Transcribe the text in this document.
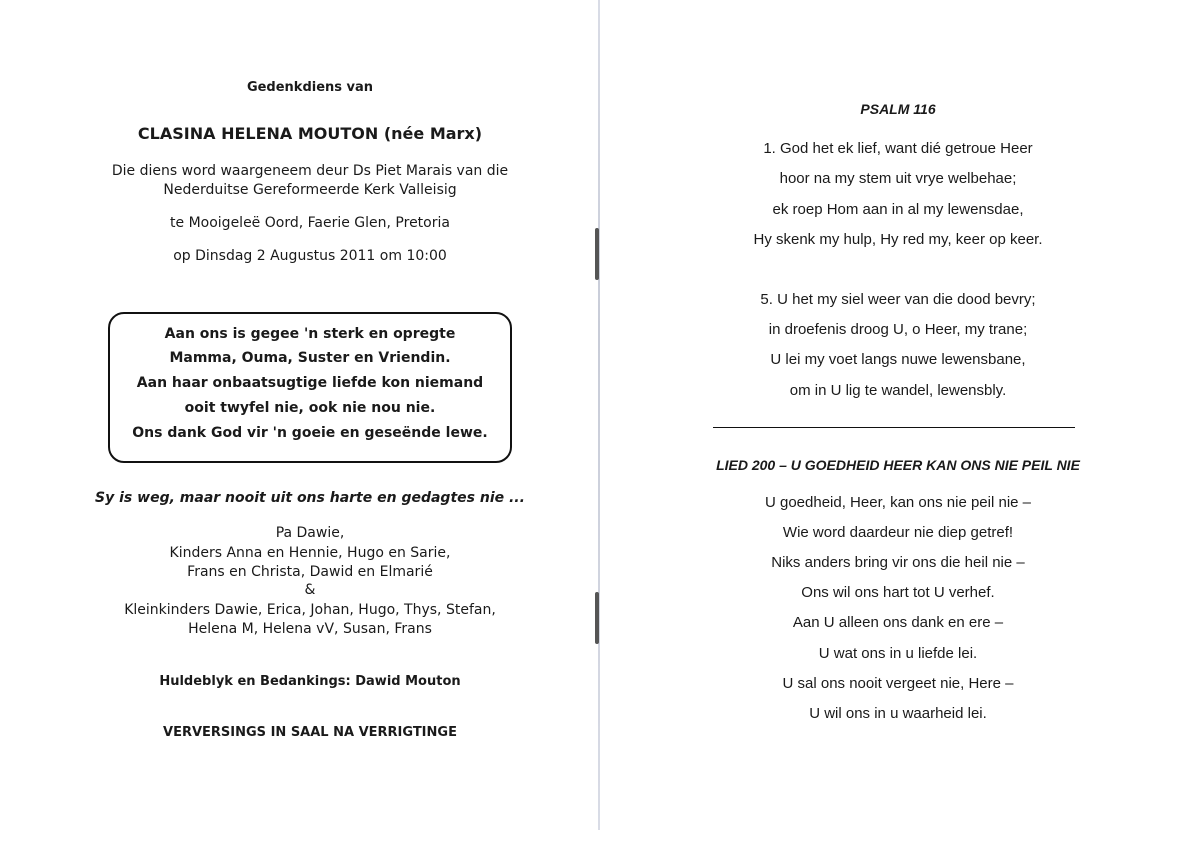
Gedenkdiens van
CLASINA HELENA MOUTON (née Marx)
Die diens word waargeneem deur Ds Piet Marais van die
Nederduitse Gereformeerde Kerk Valleisig
te Mooigeleë Oord, Faerie Glen, Pretoria
op Dinsdag 2 Augustus 2011 om 10:00
Aan ons is gegee 'n sterk en opregte
Mamma, Ouma, Suster en Vriendin.
Aan haar onbaatsugtige liefde kon niemand
ooit twyfel nie, ook nie nou nie.
Ons dank God vir 'n goeie en geseënde lewe.
Sy is weg, maar nooit uit ons harte en gedagtes nie ...
Pa Dawie,
Kinders Anna en Hennie, Hugo en Sarie,
Frans en Christa, Dawid en Elmarié
&
Kleinkinders Dawie, Erica, Johan, Hugo, Thys, Stefan,
Helena M, Helena vV, Susan, Frans
Huldeblyk en Bedankings: Dawid Mouton
VERVERSINGS IN SAAL NA VERRIGTINGE
PSALM 116
1. God het ek lief, want dié getroue Heer
hoor na my stem uit vrye welbehae;
ek roep Hom aan in al my lewensdae,
Hy skenk my hulp, Hy red my, keer op keer.
5. U het my siel weer van die dood bevry;
in droefenis droog U, o Heer, my trane;
U lei my voet langs nuwe lewensbane,
om in U lig te wandel, lewensbly.
LIED 200 – U GOEDHEID HEER KAN ONS NIE PEIL NIE
U goedheid, Heer, kan ons nie peil nie –
Wie word daardeur nie diep getref!
Niks anders bring vir ons die heil nie –
Ons wil ons hart tot U verhef.
Aan U alleen ons dank en ere –
U wat ons in u liefde lei.
U sal ons nooit vergeet nie, Here –
U wil ons in u waarheid lei.
